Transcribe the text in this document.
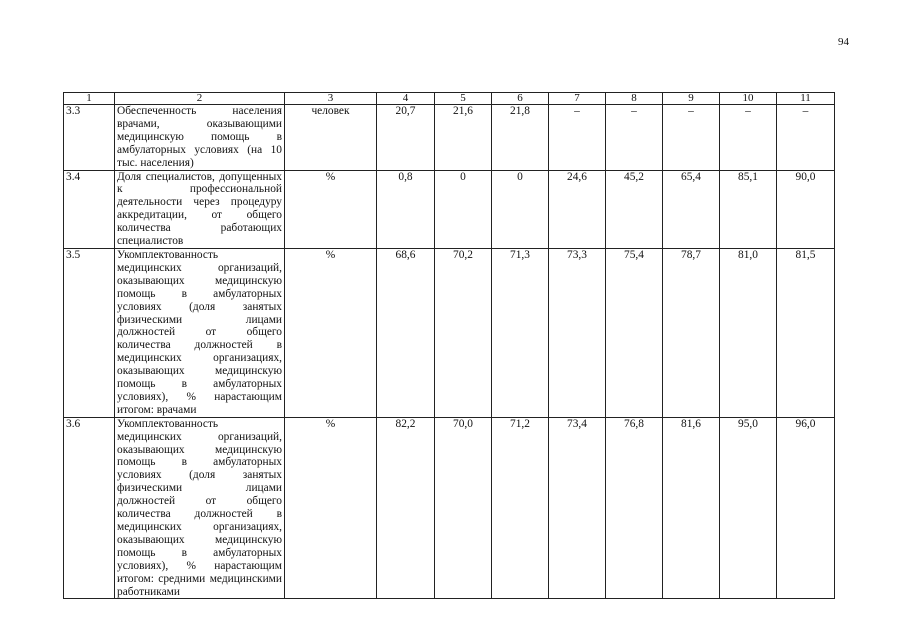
94
1	2	3	4	5	6	7	8	9	10	11
3.3	Обеспеченность населения врачами, оказывающими медицинскую помощь в амбулаторных условиях (на 10 тыс. населения)	человек	20,7	21,6	21,8	–	–	–	–	–
3.4	Доля специалистов, допущенных к профессиональной деятельности через процедуру аккредитации, от общего количества работающих специалистов	%	0,8	0	0	24,6	45,2	65,4	85,1	90,0
3.5	Укомплектованность медицинских организаций, оказывающих медицинскую помощь в амбулаторных условиях (доля занятых физическими лицами должностей от общего количества должностей в медицинских организациях, оказывающих медицинскую помощь в амбулаторных условиях), % нарастающим итогом: врачами	%	68,6	70,2	71,3	73,3	75,4	78,7	81,0	81,5
3.6	Укомплектованность медицинских организаций, оказывающих медицинскую помощь в амбулаторных условиях (доля занятых физическими лицами должностей от общего количества должностей в медицинских организациях, оказывающих медицинскую помощь в амбулаторных условиях), % нарастающим итогом: средними медицинскими работниками	%	82,2	70,0	71,2	73,4	76,8	81,6	95,0	96,0
